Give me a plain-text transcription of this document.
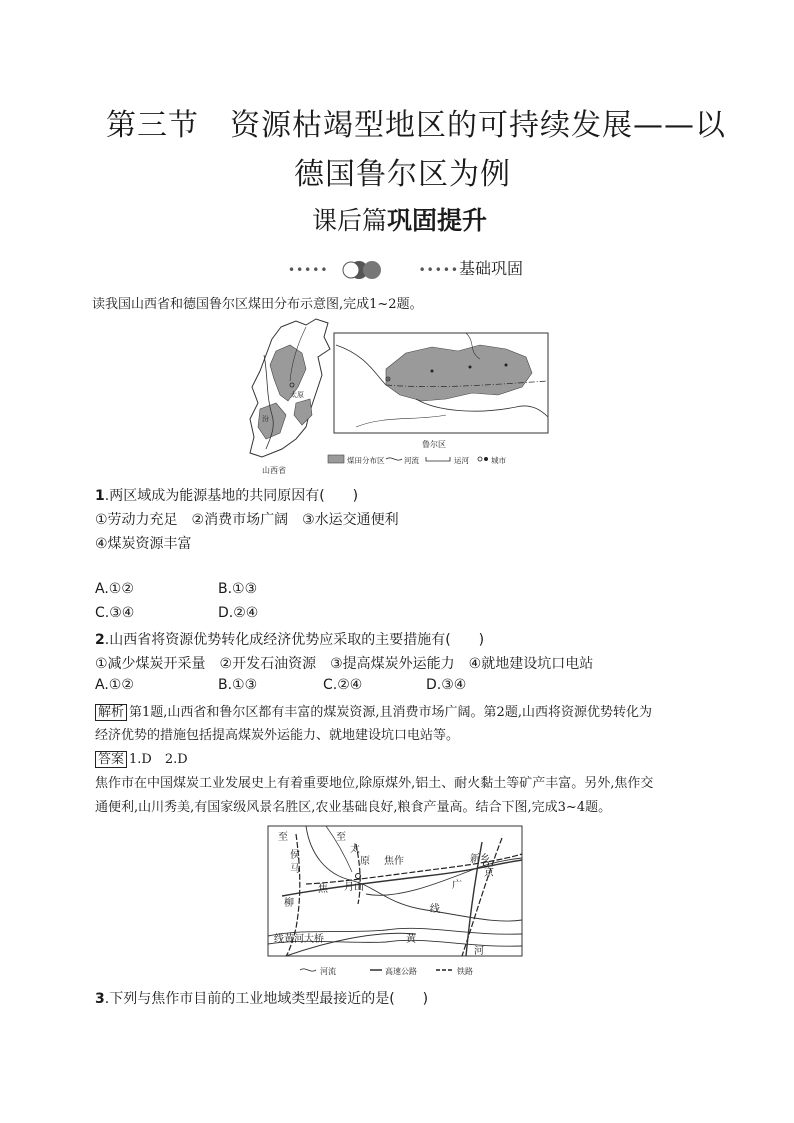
第三节　资源枯竭型地区的可持续发展——以
德国鲁尔区为例
课后篇巩固提升
•••••	•••••基础巩固
读我国山西省和德国鲁尔区煤田分布示意图,完成1~2题。
太原
汾
山西省
鲁尔区
煤田分布区	河流	运河	城市
1.两区域成为能源基地的共同原因有(　　)
①劳动力充足　②消费市场广阔　③水运交通便利
④煤炭资源丰富
A.①②	B.①③
C.③④	D.②④
2.山西省将资源优势转化成经济优势应采取的主要措施有(　　)
①减少煤炭开采量　②开发石油资源　③提高煤炭外运能力　④就地建设坑口电站
A.①②	B.①③	C.②④	D.③④
解析 第1题,山西省和鲁尔区都有丰富的煤炭资源,且消费市场广阔。第2题,山西将资源优势转化为
经济优势的措施包括提高煤炭外运能力、就地建设坑口电站等。
答案 1.D　2.D
焦作市在中国煤炭工业发展史上有着重要地位,除原煤外,铝土、耐火黏土等矿产丰富。另外,焦作交
通便利,山川秀美,有国家级风景名胜区,农业基础良好,粮食产量高。结合下图,完成3~4题。
至
侯
马
至
太
原 焦作	新乡
京
广
线
焦
柳
月山
线黄河大桥	黄
河
河流	高速公路	铁路
3.下列与焦作市目前的工业地域类型最接近的是(　　)
